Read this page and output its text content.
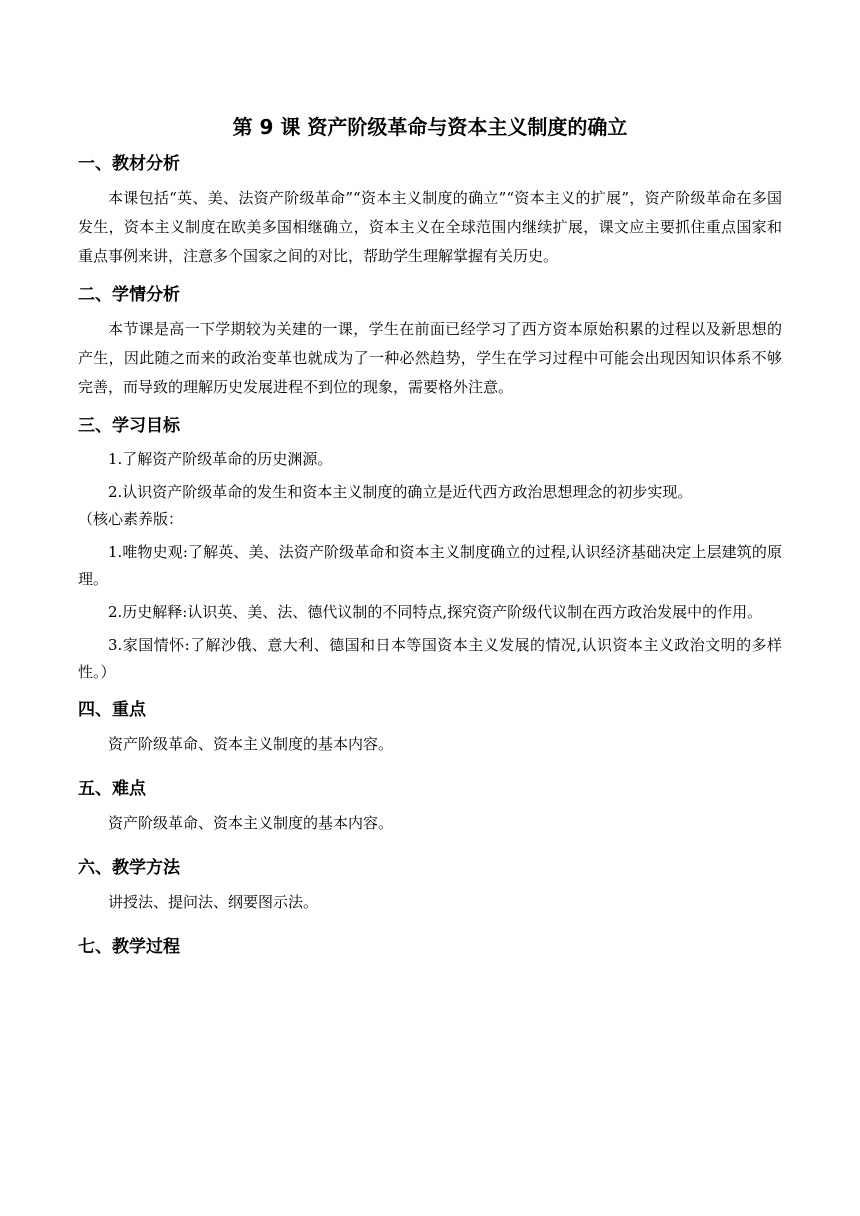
第 9 课 资产阶级革命与资本主义制度的确立
一、教材分析

本课包括“英、美、法资产阶级革命”“资本主义制度的确立”“资本主义的扩展”，资产阶级革命在多国发生，资本主义制度在欧美多国相继确立，资本主义在全球范围内继续扩展，课文应主要抓住重点国家和重点事例来讲，注意多个国家之间的对比，帮助学生理解掌握有关历史。

二、学情分析

本节课是高一下学期较为关建的一课，学生在前面已经学习了西方资本原始积累的过程以及新思想的产生，因此随之而来的政治变革也就成为了一种必然趋势，学生在学习过程中可能会出现因知识体系不够完善，而导致的理解历史发展进程不到位的现象，需要格外注意。

三、学习目标

1.了解资产阶级革命的历史渊源。

2.认识资产阶级革命的发生和资本主义制度的确立是近代西方政治思想理念的初步实现。

（核心素养版：

1.唯物史观:了解英、美、法资产阶级革命和资本主义制度确立的过程,认识经济基础决定上层建筑的原理。

2.历史解释:认识英、美、法、德代议制的不同特点,探究资产阶级代议制在西方政治发展中的作用。

3.家国情怀:了解沙俄、意大利、德国和日本等国资本主义发展的情况,认识资本主义政治文明的多样性。）

四、重点

资产阶级革命、资本主义制度的基本内容。

五、难点

资产阶级革命、资本主义制度的基本内容。

六、教学方法

讲授法、提问法、纲要图示法。

七、教学过程
